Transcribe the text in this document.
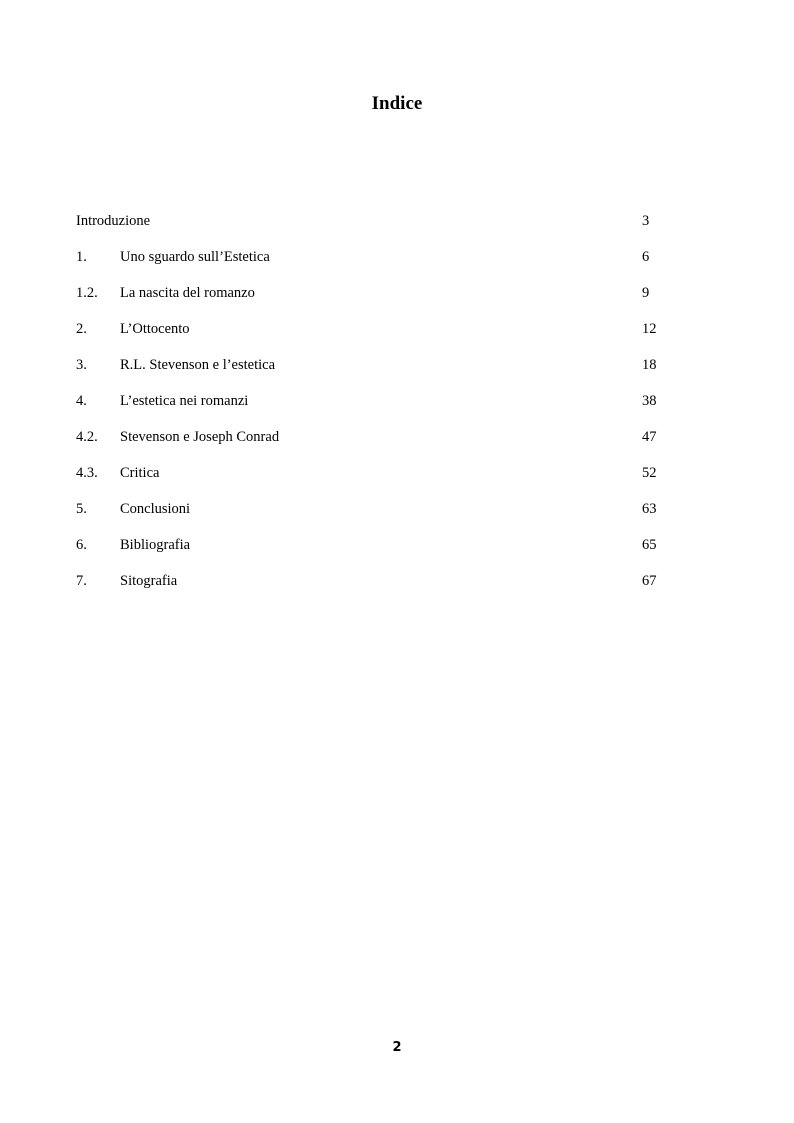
Indice
Introduzione	3
1. Uno sguardo sull’Estetica	6
1.2. La nascita del romanzo	9
2. L’Ottocento	12
3. R.L. Stevenson e l’estetica	18
4. L’estetica nei romanzi	38
4.2. Stevenson e Joseph Conrad	47
4.3. Critica	52
5. Conclusioni	63
6. Bibliografia	65
7. Sitografia	67
2
